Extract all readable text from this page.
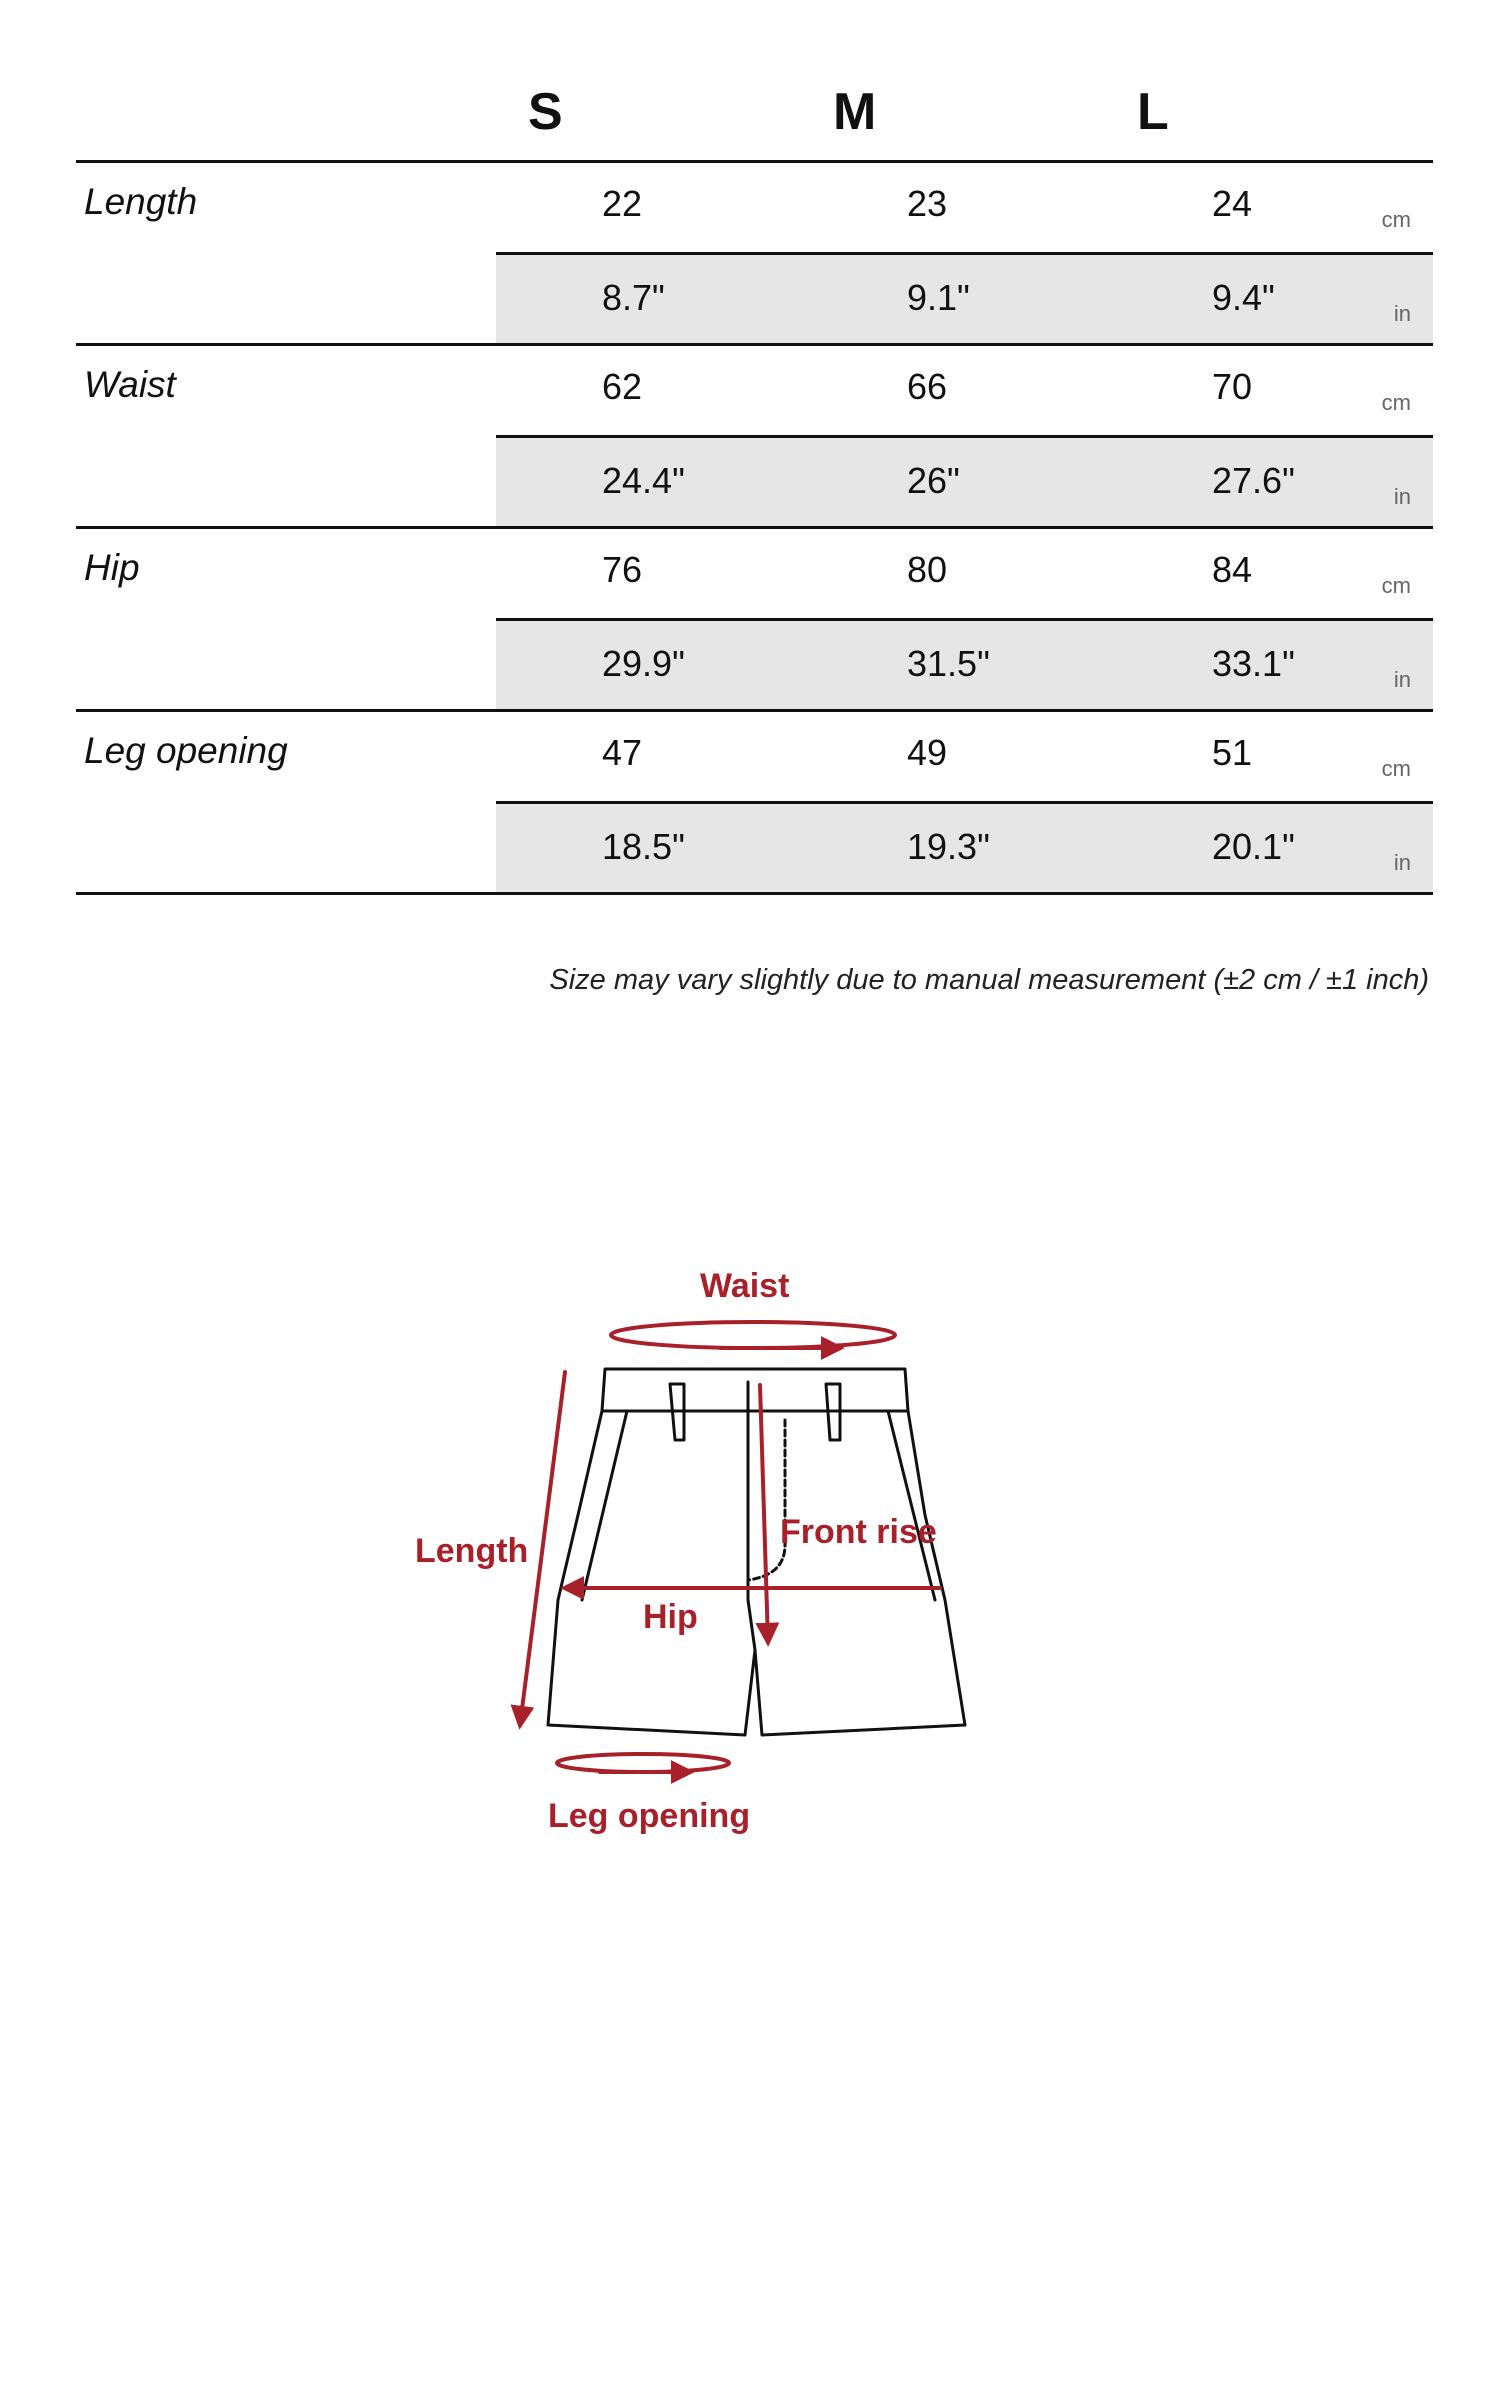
S	M	L
Length	22	23	24	cm
8.7"	9.1"	9.4"	in
Waist	62	66	70	cm
24.4"	26"	27.6"	in
Hip	76	80	84	cm
29.9"	31.5"	33.1"	in
Leg opening	47	49	51	cm
18.5"	19.3"	20.1"	in
Size may vary slightly due to manual measurement (±2 cm / ±1 inch)
Waist
Length	Front rise
Hip
Leg opening
